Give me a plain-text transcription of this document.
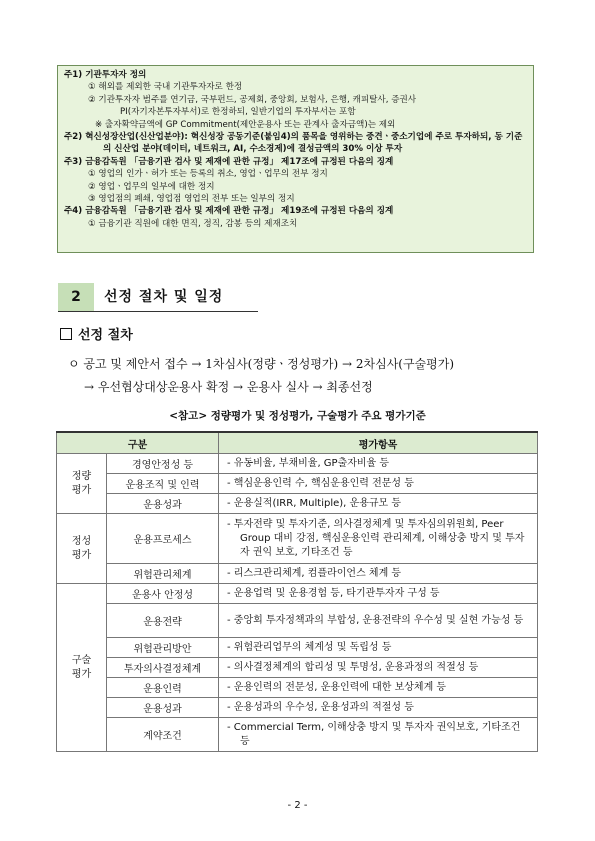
주1) 기관투자자 정의
① 해외를 제외한 국내 기관투자자로 한정
② 기관투자자 범주를 연기금, 국부펀드, 공제회, 중앙회, 보험사, 은행, 캐피탈사, 증권사
PI(자기자본투자부서)로 한정하되, 일반기업의 투자부서는 포함
※ 출자확약금액에 GP Commitment(제안운용사 또는 관계사 출자금액)는 제외
주2) 혁신성장산업(신산업분야): 혁신성장 공동기준(붙임4)의 품목을 영위하는 중견ㆍ중소기업에 주로 투자하되, 동 기준의 신산업 분야(데이터, 네트워크, AI, 수소경제)에 결성금액의 30% 이상 투자
주3) 금융감독원 「금융기관 검사 및 제재에 관한 규정」 제17조에 규정된 다음의 징계
① 영업의 인가ㆍ허가 또는 등록의 취소, 영업ㆍ업무의 전부 정지
② 영업ㆍ업무의 일부에 대한 정지
③ 영업점의 폐쇄, 영업점 영업의 전부 또는 일부의 정지
주4) 금융감독원 「금융기관 검사 및 제재에 관한 규정」 제19조에 규정된 다음의 징계
① 금융기관 직원에 대한 면직, 정직, 감봉 등의 제재조치
2	선정 절차 및 일정
선정 절차
ㅇ 공고 및 제안서 접수 → 1차심사(정량ㆍ정성평가) → 2차심사(구술평가)
→ 우선협상대상운용사 확정 → 운용사 실사 → 최종선정
<참고> 정량평가 및 정성평가, 구술평가 주요 평가기준
구분		평가항목
정량
평가	경영안정성 등	- 유동비율, 부채비율, GP출자비율 등
	운용조직 및 인력	- 핵심운용인력 수, 핵심운용인력 전문성 등
	운용성과	- 운용실적(IRR, Multiple), 운용규모 등
정성
평가	운용프로세스	- 투자전략 및 투자기준, 의사결정체계 및 투자심의위원회, Peer Group 대비 강점, 핵심운용인력 관리체계, 이해상충 방지 및 투자자 권익 보호, 기타조건 등

	위험관리체계	- 리스크관리체계, 컴플라이언스 체계 등
구술
평가	운용사 안정성	- 운용업력 및 운용경험 등, 타기관투자자 구성 등
	운용전략	- 중앙회 투자정책과의 부합성, 운용전략의 우수성 및 실현 가능성 등

	위험관리방안	- 위험관리업무의 체계성 및 독립성 등
	투자의사결정체계	- 의사결정체계의 합리성 및 투명성, 운용과정의 적절성 등
	운용인력	- 운용인력의 전문성, 운용인력에 대한 보상체계 등
	운용성과	- 운용성과의 우수성, 운용성과의 적절성 등
	계약조건	- Commercial Term, 이해상충 방지 및 투자자 권익보호, 기타조건 등
- 2 -
